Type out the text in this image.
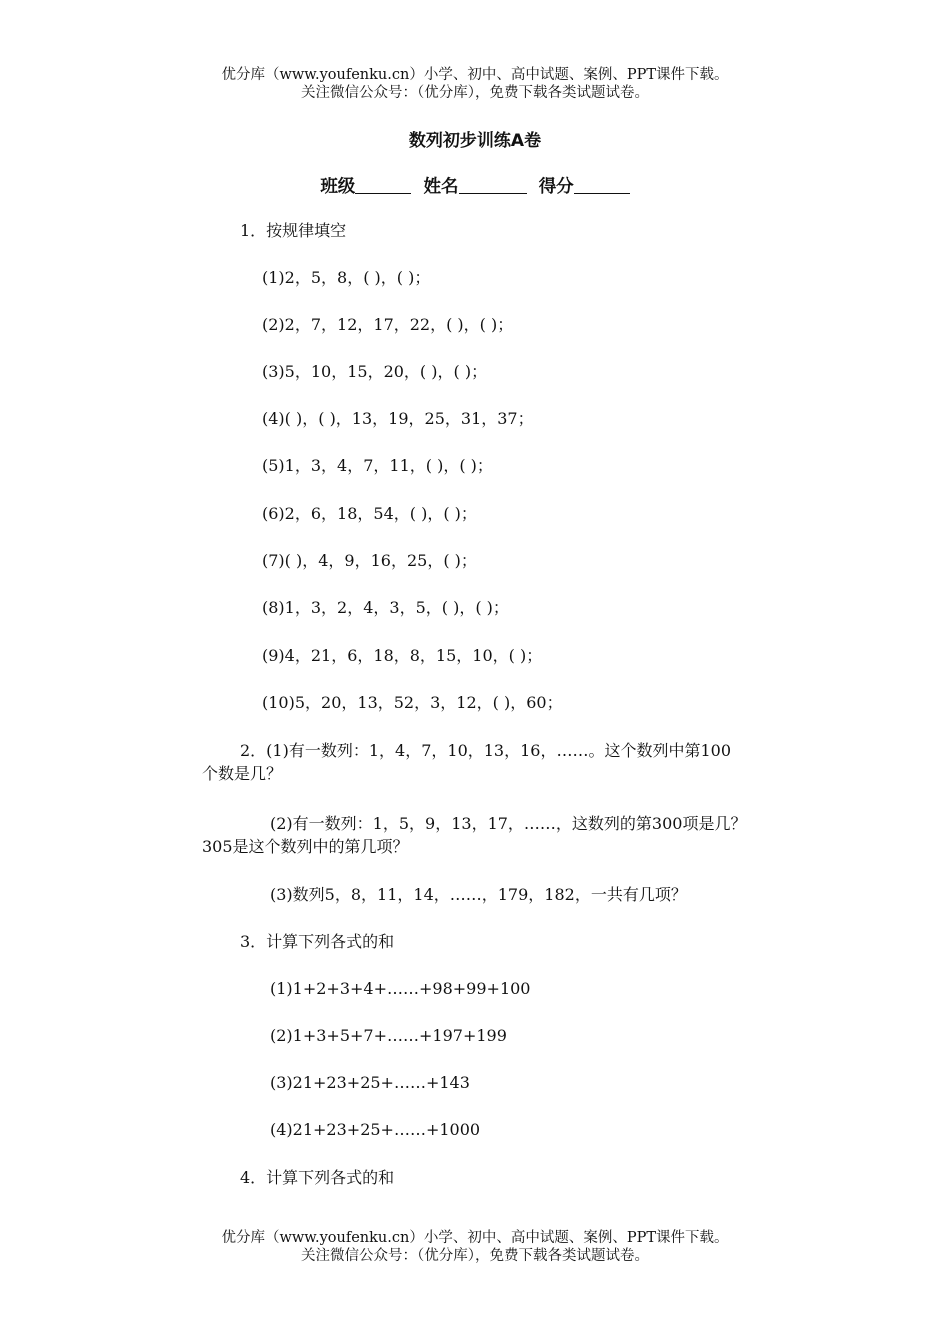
优分库（www.youfenku.cn）小学、初中、高中试题、案例、PPT课件下载。
关注微信公众号：（优分库），免费下载各类试题试卷。
数列初步训练A卷
班级	姓名	得分
1．按规律填空
(1)2，5，8，( )，( )；
(2)2，7，12，17，22，( )，( )；
(3)5，10，15，20，( )，( )；
(4)( )，( )，13，19，25，31，37；
(5)1，3，4，7，11，( )，( )；
(6)2，6，18，54，( )，( )；
(7)( )，4，9，16，25，( )；
(8)1，3，2，4，3，5，( )，( )；
(9)4，21，6，18，8，15，10，( )；
(10)5，20，13，52，3，12，( )，60；
2．(1)有一数列：1，4，7，10，13，16，……。这个数列中第100
个数是几？
(2)有一数列：1，5，9，13，17，……，这数列的第300项是几？
305是这个数列中的第几项？
(3)数列5，8，11，14，……，179，182，一共有几项？
3．计算下列各式的和
(1)1+2+3+4+……+98+99+100
(2)1+3+5+7+……+197+199
(3)21+23+25+……+143
(4)21+23+25+……+1000
4．计算下列各式的和
优分库（www.youfenku.cn）小学、初中、高中试题、案例、PPT课件下载。
关注微信公众号：（优分库），免费下载各类试题试卷。
